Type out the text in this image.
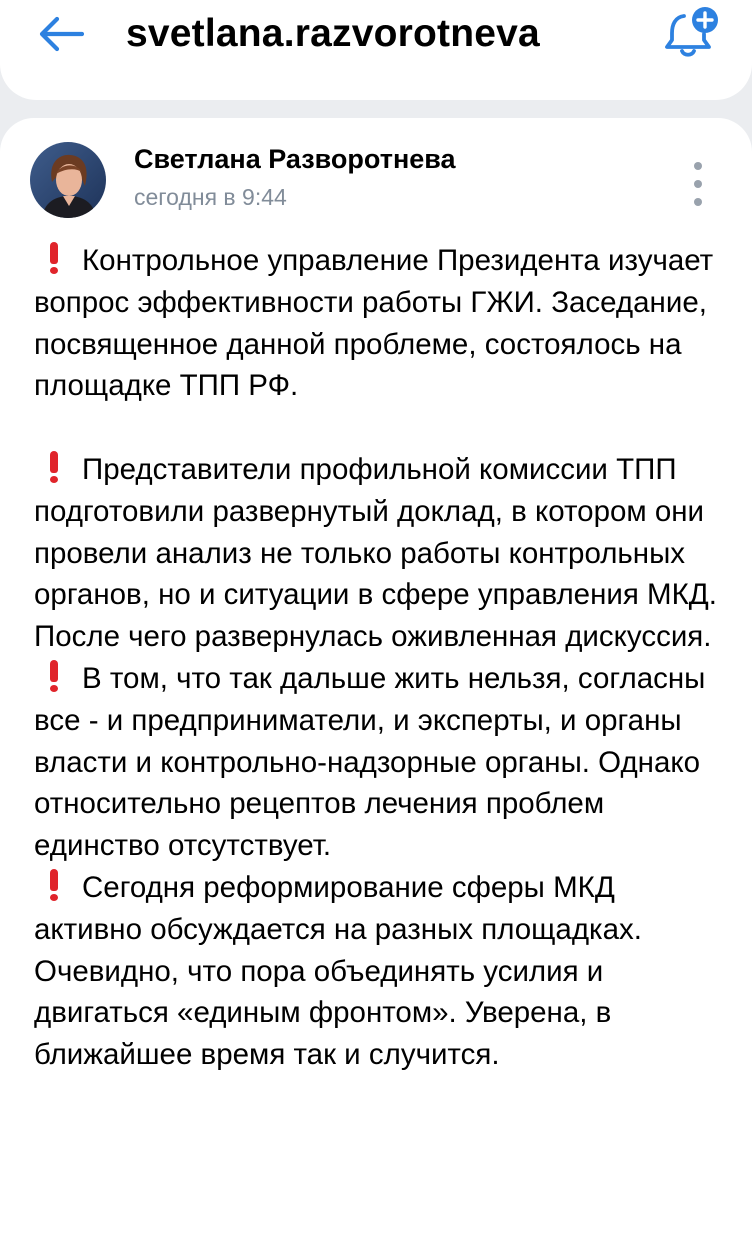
svetlana.razvorotneva
Светлана Разворотнева
сегодня в 9:44

Контрольное управление Президента изучает вопрос эффективности работы ГЖИ. Заседание, посвященное данной проблеме, состоялось на площадке ТПП РФ.

Представители профильной комиссии ТПП подготовили развернутый доклад, в котором они провели анализ не только работы контрольных органов, но и ситуации в сфере управления МКД. После чего развернулась оживленная дискуссия.

В том, что так дальше жить нельзя, согласны все - и предприниматели, и эксперты, и органы власти и контрольно-надзорные органы. Однако относительно рецептов лечения проблем единство отсутствует.

Сегодня реформирование сферы МКД активно обсуждается на разных площадках. Очевидно, что пора объединять усилия и двигаться «единым фронтом». Уверена, в ближайшее время так и случится.
